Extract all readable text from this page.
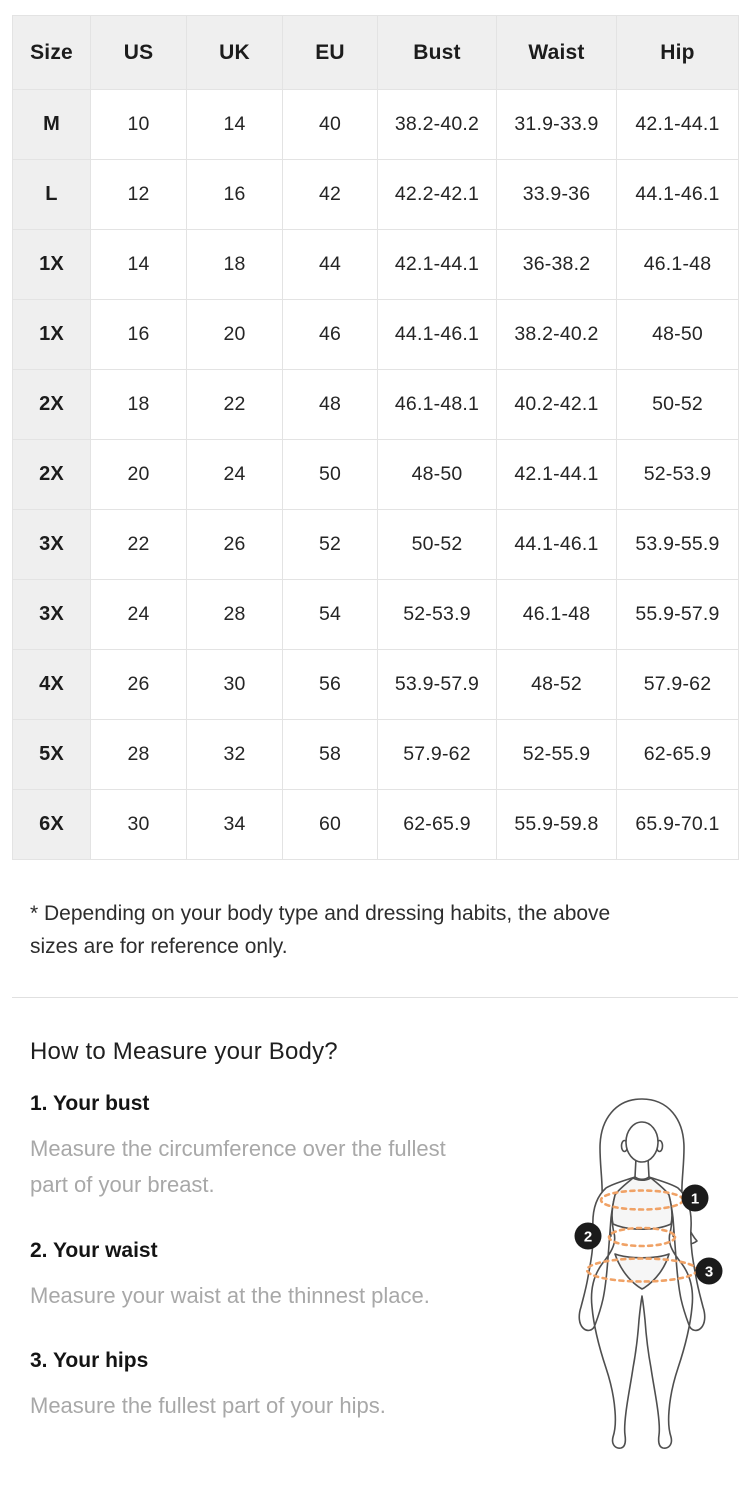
Size	US	UK	EU	Bust	Waist	Hip
M	10	14	40	38.2-40.2	31.9-33.9	42.1-44.1
L	12	16	42	42.2-42.1	33.9-36	44.1-46.1
1X	14	18	44	42.1-44.1	36-38.2	46.1-48
1X	16	20	46	44.1-46.1	38.2-40.2	48-50
2X	18	22	48	46.1-48.1	40.2-42.1	50-52
2X	20	24	50	48-50	42.1-44.1	52-53.9
3X	22	26	52	50-52	44.1-46.1	53.9-55.9
3X	24	28	54	52-53.9	46.1-48	55.9-57.9
4X	26	30	56	53.9-57.9	48-52	57.9-62
5X	28	32	58	57.9-62	52-55.9	62-65.9
6X	30	34	60	62-65.9	55.9-59.8	65.9-70.1

* Depending on your body type and dressing habits, the above sizes are for reference only.

How to Measure your Body?
1. Your bust

Measure the circumference over the fullest part of your breast.

2. Your waist

Measure your waist at the thinnest place.

3. Your hips

Measure the fullest part of your hips.

1
2
3
